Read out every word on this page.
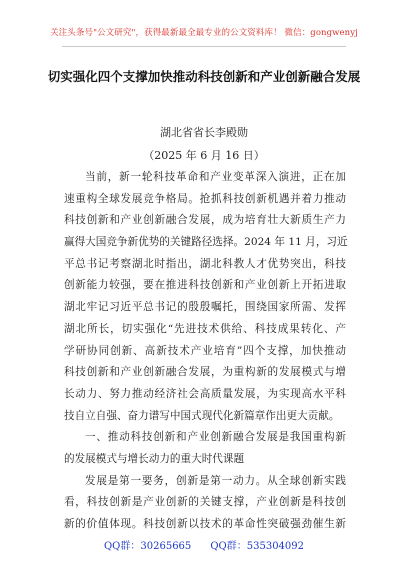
关注头条号"公文研究"，获得最新最全最专业的公文资料库！ 微信：gongwenyj
切实强化四个支撑加快推动科技创新和产业创新融合发展
湖北省省长李殿勋
（2025 年 6 月 16 日）
当前，新一轮科技革命和产业变革深入演进，正在加
速重构全球发展竞争格局。抢抓科技创新机遇并着力推动
科技创新和产业创新融合发展，成为培育壮大新质生产力
赢得大国竞争新优势的关键路径选择。2024 年 11 月，习近
平总书记考察湖北时指出，湖北科教人才优势突出，科技
创新能力较强，要在推进科技创新和产业创新上开拓进取
湖北牢记习近平总书记的殷殷嘱托，围绕国家所需、发挥
湖北所长，切实强化“先进技术供给、科技成果转化、产
学研协同创新、高新技术产业培育”四个支撑，加快推动
科技创新和产业创新融合发展，为重构新的发展模式与增
长动力、努力推动经济社会高质量发展，为实现高水平科
技自立自强、奋力谱写中国式现代化新篇章作出更大贡献。
一、推动科技创新和产业创新融合发展是我国重构新
的发展模式与增长动力的重大时代课题
发展是第一要务，创新是第一动力。从全球创新实践
看，科技创新是产业创新的关键支撑，产业创新是科技创
新的价值体现。科技创新以技术的革命性突破强劲催生新
QQ群：30265665      QQ群：535304092
